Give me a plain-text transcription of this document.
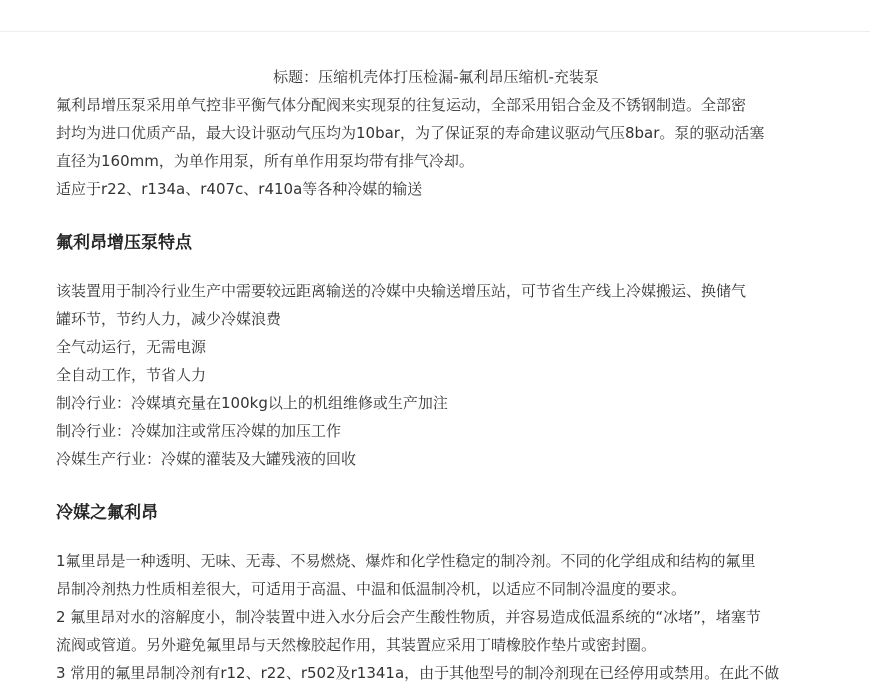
标题：压缩机壳体打压检漏-氟利昂压缩机-充装泵

氟利昂增压泵采用单气控非平衡气体分配阀来实现泵的往复运动，全部采用铝合金及不锈钢制造。全部密

封均为进口优质产品，最大设计驱动气压均为10bar，为了保证泵的寿命建议驱动气压8bar。泵的驱动活塞

直径为160mm，为单作用泵，所有单作用泵均带有排气冷却。

适应于r22、r134a、r407c、r410a等各种冷媒的输送

氟利昂增压泵特点

该装置用于制冷行业生产中需要较远距离输送的冷媒中央输送增压站，可节省生产线上冷媒搬运、换储气

罐环节，节约人力，减少冷媒浪费

全气动运行，无需电源

全自动工作，节省人力

制冷行业：冷媒填充量在100kg以上的机组维修或生产加注

制冷行业：冷媒加注或常压冷媒的加压工作

冷媒生产行业：冷媒的灌装及大罐残液的回收

冷媒之氟利昂

1氟里昂是一种透明、无味、无毒、不易燃烧、爆炸和化学性稳定的制冷剂。不同的化学组成和结构的氟里

昂制冷剂热力性质相差很大，可适用于高温、中温和低温制冷机，以适应不同制冷温度的要求。

2 氟里昂对水的溶解度小，制冷装置中进入水分后会产生酸性物质，并容易造成低温系统的“冰堵”，堵塞节

流阀或管道。另外避免氟里昂与天然橡胶起作用，其装置应采用丁晴橡胶作垫片或密封圈。

3 常用的氟里昂制冷剂有r12、r22、r502及r1341a，由于其他型号的制冷剂现在已经停用或禁用。在此不做
